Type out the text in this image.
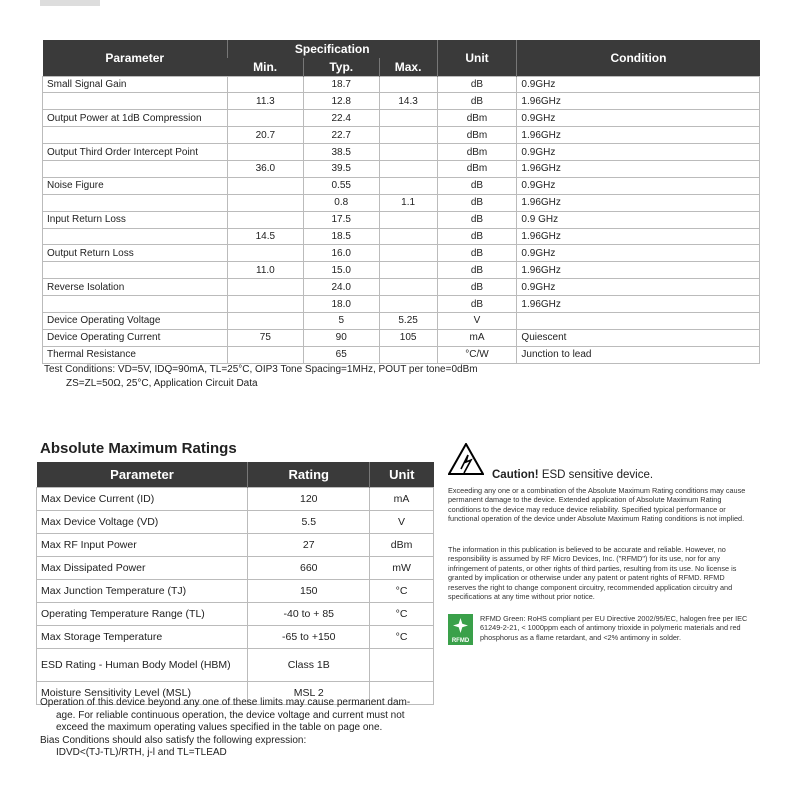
Parameter	Specification			Unit	Condition
	Min.	Typ.	Max.		
Small Signal Gain		18.7		dB	0.9GHz
	11.3	12.8	14.3	dB	1.96GHz
Output Power at 1dB Compression		22.4		dBm	0.9GHz
	20.7	22.7		dBm	1.96GHz
Output Third Order Intercept Point		38.5		dBm	0.9GHz
	36.0	39.5		dBm	1.96GHz
Noise Figure		0.55		dB	0.9GHz
		0.8	1.1	dB	1.96GHz
Input Return Loss		17.5		dB	0.9 GHz
	14.5	18.5		dB	1.96GHz
Output Return Loss		16.0		dB	0.9GHz
	11.0	15.0		dB	1.96GHz
Reverse Isolation		24.0		dB	0.9GHz
		18.0		dB	1.96GHz
Device Operating Voltage		5	5.25	V	
Device Operating Current	75	90	105	mA	Quiescent
Thermal Resistance		65		°C/W	Junction to lead
Test Conditions: VD=5V, IDQ=90mA, TL=25°C, OIP3 Tone Spacing=1MHz, POUT per tone=0dBm
ZS=ZL=50Ω, 25°C, Application Circuit Data
Absolute Maximum Ratings
Parameter	Rating	Unit
Max Device Current (ID)	120	mA
Max Device Voltage (VD)	5.5	V
Max RF Input Power	27	dBm
Max Dissipated Power	660	mW
Max Junction Temperature (TJ)	150	°C
Operating Temperature Range (TL)	-40 to + 85	°C
Max Storage Temperature	-65 to +150	°C
ESD Rating - Human Body Model (HBM)	Class 1B	
Moisture Sensitivity Level (MSL)	MSL 2	
Operation of this device beyond any one of these limits may cause permanent dam-
age. For reliable continuous operation, the device voltage and current must not
exceed the maximum operating values specified in the table on page one.
Bias Conditions should also satisfy the following expression:
IDVD<(TJ-TL)/RTH, j-l and TL=TLEAD
Caution! ESD sensitive device.
Exceeding any one or a combination of the Absolute Maximum Rating conditions may cause permanent damage to the device. Extended application of Absolute Maximum Rating conditions to the device may reduce device reliability. Specified typical performance or functional operation of the device under Absolute Maximum Rating conditions is not implied.
The information in this publication is believed to be accurate and reliable. However, no responsibility is assumed by RF Micro Devices, Inc. ("RFMD") for its use, nor for any infringement of patents, or other rights of third parties, resulting from its use. No license is granted by implication or otherwise under any patent or patent rights of RFMD. RFMD reserves the right to change component circuitry, recommended application circuitry and specifications at any time without prior notice.
RFMD
RFMD Green: RoHS compliant per EU Directive 2002/95/EC, halogen free per IEC 61249-2-21, < 1000ppm each of antimony trioxide in polymeric materials and red phosphorus as a flame retardant, and <2% antimony in solder.
